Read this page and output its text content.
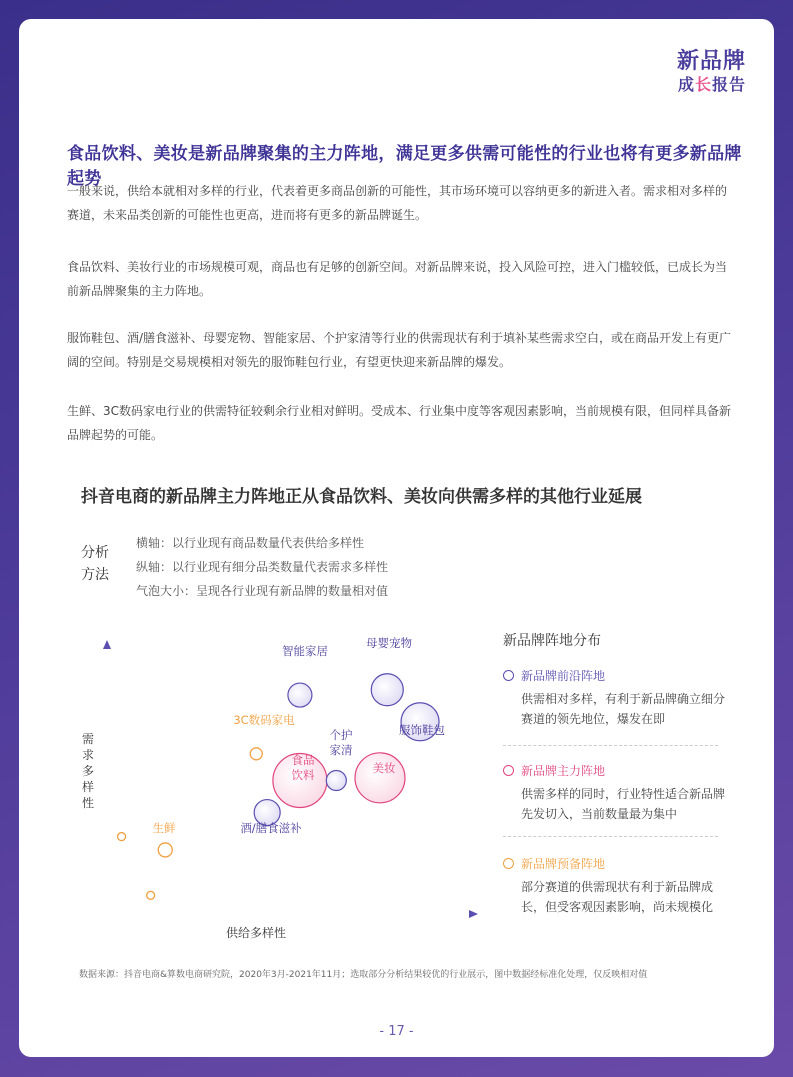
新品牌
成长报告
食品饮料、美妆是新品牌聚集的主力阵地，满足更多供需可能性的行业也将有更多新品牌起势
一般来说，供给本就相对多样的行业，代表着更多商品创新的可能性，其市场环境可以容纳更多的新进入者。需求相对多样的赛道，未来品类创新的可能性也更高，进而将有更多的新品牌诞生。
食品饮料、美妆行业的市场规模可观，商品也有足够的创新空间。对新品牌来说，投入风险可控，进入门槛较低，已成长为当前新品牌聚集的主力阵地。
服饰鞋包、酒/膳食滋补、母婴宠物、智能家居、个护家清等行业的供需现状有利于填补某些需求空白，或在商品开发上有更广阔的空间。特别是交易规模相对领先的服饰鞋包行业，有望更快迎来新品牌的爆发。
生鲜、3C数码家电行业的供需特征较剩余行业相对鲜明。受成本、行业集中度等客观因素影响，当前规模有限，但同样具备新品牌起势的可能。
抖音电商的新品牌主力阵地正从食品饮料、美妆向供需多样的其他行业延展
分析
方法
横轴：以行业现有商品数量代表供给多样性
纵轴：以行业现有细分品类数量代表需求多样性
气泡大小：呈现各行业现有新品牌的数量相对值
供给多样性
需
求
多
样
性
智能家居
母婴宠物
服饰鞋包
3C数码家电
食品
饮料
个护
家清
美妆
酒/膳食滋补
生鲜
新品牌阵地分布
新品牌前沿阵地
供需相对多样，有利于新品牌确立细分赛道的领先地位，爆发在即
新品牌主力阵地
供需多样的同时，行业特性适合新品牌先发切入，当前数量最为集中
新品牌预备阵地
部分赛道的供需现状有利于新品牌成长，但受客观因素影响，尚未规模化
数据来源：抖音电商&算数电商研究院，2020年3月-2021年11月；选取部分分析结果较优的行业展示，图中数据经标准化处理，仅反映相对值
- 17 -
